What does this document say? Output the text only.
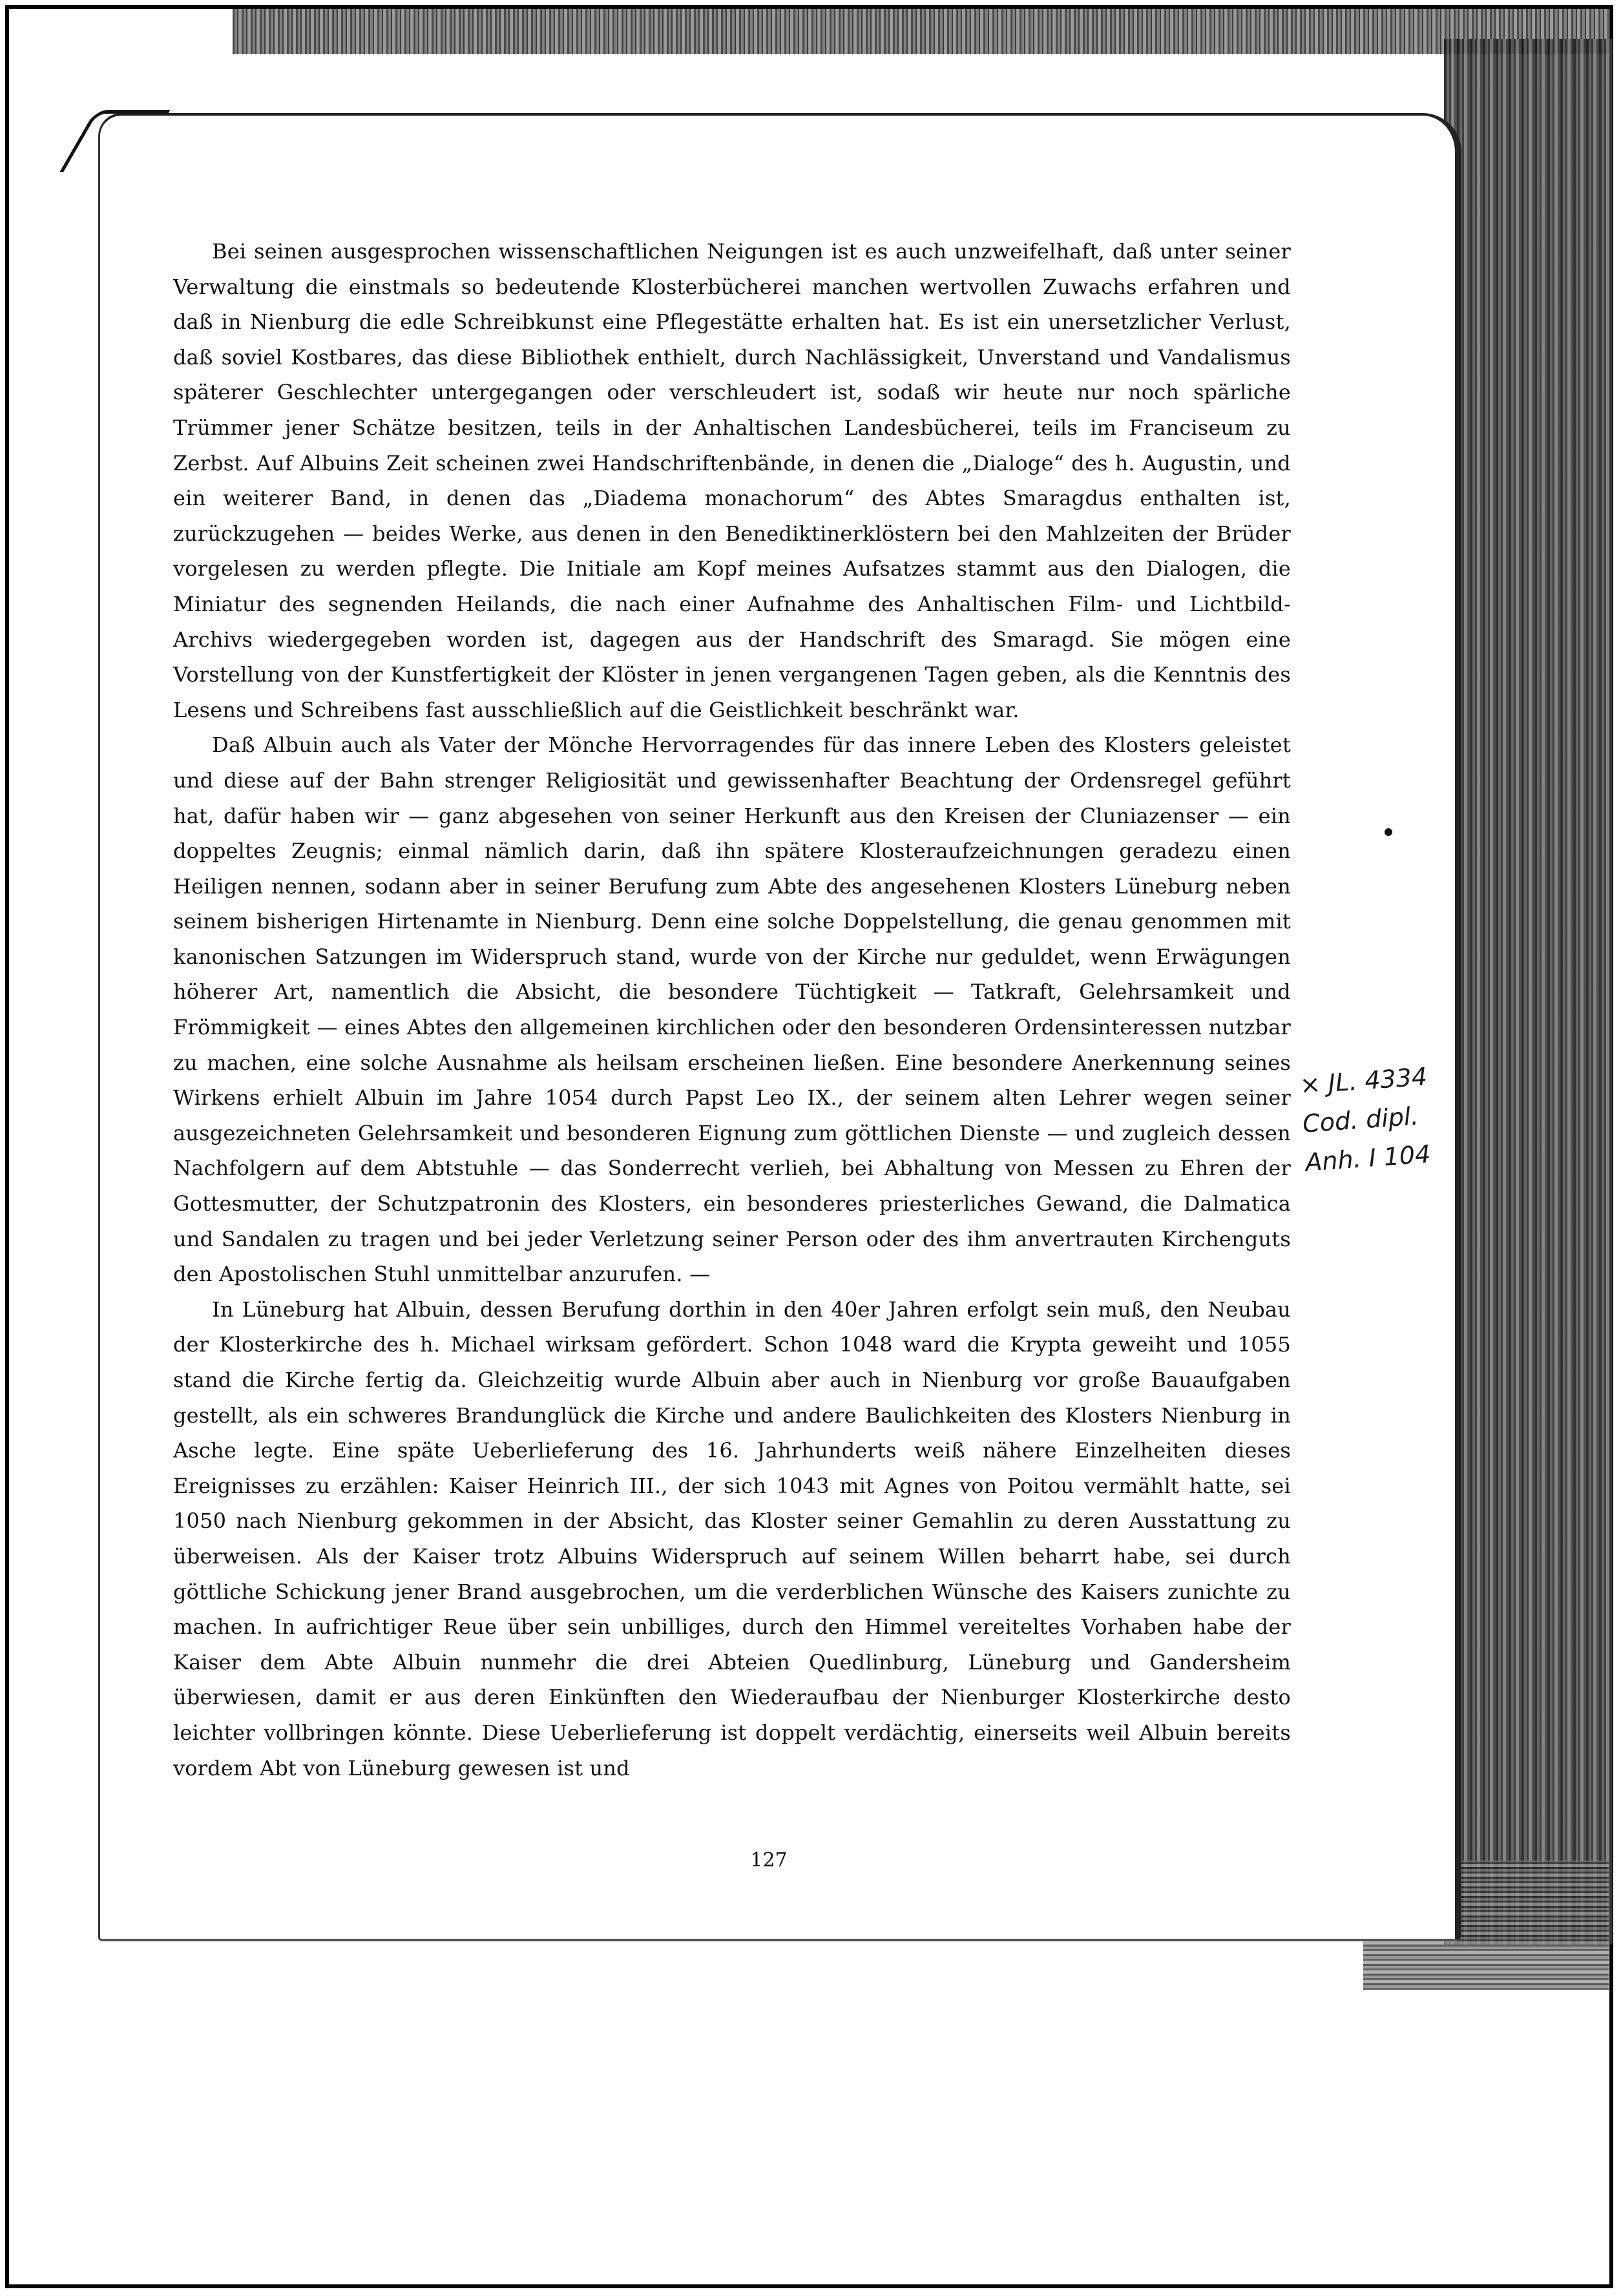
Bei seinen ausgesprochen wissenschaftlichen Neigungen ist es auch unzweifelhaft, daß unter seiner Verwaltung die einstmals so bedeutende Klosterbücherei manchen wertvollen Zuwachs erfahren und daß in Nienburg die edle Schreibkunst eine Pflegestätte erhalten hat. Es ist ein unersetzlicher Verlust, daß soviel Kostbares, das diese Bibliothek enthielt, durch Nachlässigkeit, Unverstand und Vandalismus späterer Geschlechter untergegangen oder verschleudert ist, sodaß wir heute nur noch spärliche Trümmer jener Schätze besitzen, teils in der Anhaltischen Landesbücherei, teils im Franciseum zu Zerbst. Auf Albuins Zeit scheinen zwei Handschriftenbände, in denen die „Dialoge“ des h. Augustin, und ein weiterer Band, in denen das „Diadema monachorum“ des Abtes Smaragdus enthalten ist, zurückzugehen — beides Werke, aus denen in den Benediktinerklöstern bei den Mahlzeiten der Brüder vorgelesen zu werden pflegte. Die Initiale am Kopf meines Aufsatzes stammt aus den Dialogen, die Miniatur des segnenden Heilands, die nach einer Aufnahme des Anhaltischen Film- und Lichtbild-Archivs wiedergegeben worden ist, dagegen aus der Handschrift des Smaragd. Sie mögen eine Vorstellung von der Kunstfertigkeit der Klöster in jenen vergangenen Tagen geben, als die Kenntnis des Lesens und Schreibens fast ausschließlich auf die Geistlichkeit beschränkt war.

Daß Albuin auch als Vater der Mönche Hervorragendes für das innere Leben des Klosters geleistet und diese auf der Bahn strenger Religiosität und gewissenhafter Beachtung der Ordensregel geführt hat, dafür haben wir — ganz abgesehen von seiner Herkunft aus den Kreisen der Cluniazenser — ein doppeltes Zeugnis; einmal nämlich darin, daß ihn spätere Klosteraufzeichnungen geradezu einen Heiligen nennen, sodann aber in seiner Berufung zum Abte des angesehenen Klosters Lüneburg neben seinem bisherigen Hirtenamte in Nienburg. Denn eine solche Doppelstellung, die genau genommen mit kanonischen Satzungen im Widerspruch stand, wurde von der Kirche nur geduldet, wenn Erwägungen höherer Art, namentlich die Absicht, die besondere Tüchtigkeit — Tatkraft, Gelehrsamkeit und Frömmigkeit — eines Abtes den allgemeinen kirchlichen oder den besonderen Ordensinteressen nutzbar zu machen, eine solche Ausnahme als heilsam erscheinen ließen. Eine besondere Anerkennung seines Wirkens erhielt Albuin im Jahre 1054 durch Papst Leo IX., der seinem alten Lehrer wegen seiner ausgezeichneten Gelehrsamkeit und besonderen Eignung zum göttlichen Dienste — und zugleich dessen Nachfolgern auf dem Abtstuhle — das Sonderrecht verlieh, bei Abhaltung von Messen zu Ehren der Gottesmutter, der Schutzpatronin des Klosters, ein besonderes priesterliches Gewand, die Dalmatica und Sandalen zu tragen und bei jeder Verletzung seiner Person oder des ihm anvertrauten Kirchenguts den Apostolischen Stuhl unmittelbar anzurufen. —

In Lüneburg hat Albuin, dessen Berufung dorthin in den 40er Jahren erfolgt sein muß, den Neubau der Klosterkirche des h. Michael wirksam gefördert. Schon 1048 ward die Krypta geweiht und 1055 stand die Kirche fertig da. Gleichzeitig wurde Albuin aber auch in Nienburg vor große Bauaufgaben gestellt, als ein schweres Brandunglück die Kirche und andere Baulichkeiten des Klosters Nienburg in Asche legte. Eine späte Ueberlieferung des 16. Jahrhunderts weiß nähere Einzelheiten dieses Ereignisses zu erzählen: Kaiser Heinrich III., der sich 1043 mit Agnes von Poitou vermählt hatte, sei 1050 nach Nienburg gekommen in der Absicht, das Kloster seiner Gemahlin zu deren Ausstattung zu überweisen. Als der Kaiser trotz Albuins Widerspruch auf seinem Willen beharrt habe, sei durch göttliche Schickung jener Brand ausgebrochen, um die verderblichen Wünsche des Kaisers zunichte zu machen. In aufrichtiger Reue über sein unbilliges, durch den Himmel vereiteltes Vorhaben habe der Kaiser dem Abte Albuin nunmehr die drei Abteien Quedlinburg, Lüneburg und Gandersheim überwiesen, damit er aus deren Einkünften den Wiederaufbau der Nienburger Klosterkirche desto leichter vollbringen könnte. Diese Ueberlieferung ist doppelt verdächtig, einerseits weil Albuin bereits vordem Abt von Lüneburg gewesen ist und

× JL. 4334
Cod. dipl.
Anh. I 104
127
